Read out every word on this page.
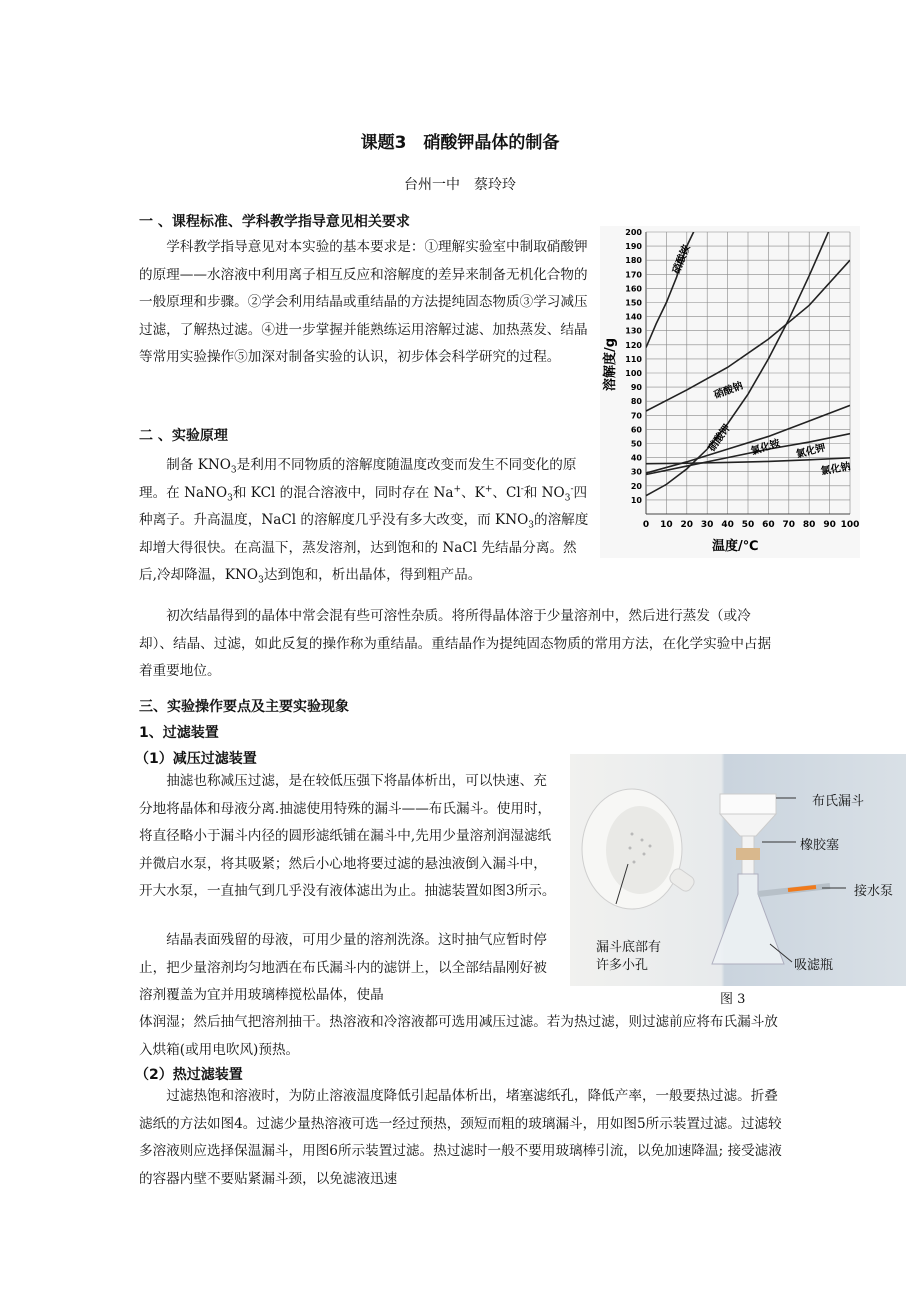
课题3　硝酸钾晶体的制备
台州一中　蔡玲玲
一 、课程标准、学科教学指导意见相关要求
学科教学指导意见对本实验的基本要求是：①理解实验室中制取硝酸钾的原理——水溶液中利用离子相互反应和溶解度的差异来制备无机化合物的一般原理和步骤。②学会利用结晶或重结晶的方法提纯固态物质③学习减压过滤，了解热过滤。④进一步掌握并能熟练运用溶解过滤、加热蒸发、结晶等常用实验操作⑤加深对制备实验的认识，初步体会科学研究的过程。
0 10 20 30 40 50 60 70 80 90 100
10
20
30
40
50
60
70
80
90
100
110
120
130
140
150
160
170
180
190
200
硝酸铵
硝酸钠
硝酸钾 氯化铵 氯化钾
氯化钠
温度/℃
溶解度/g
二 、实验原理
制备 $KNO_3$是利用不同物质的溶解度随温度改变而发生不同变化的原理。在 NaNO$_3$和 KCl 的混合溶液中，同时存在 Na+、K+、Cl-和 $NO_3^-$四种离子。升高温度，NaCl 的溶解度几乎没有多大改变，而 $KNO_3$的溶解度却增大得很快。在高温下，蒸发溶剂，达到饱和的 NaCl 先结晶分离。然后,冷却降温，$KNO_3$达到饱和，析出晶体，得到粗产品。
初次结晶得到的晶体中常会混有些可溶性杂质。将所得晶体溶于少量溶剂中，然后进行蒸发（或冷却）、结晶、过滤，如此反复的操作称为重结晶。重结晶作为提纯固态物质的常用方法，在化学实验中占据着重要地位。
三、实验操作要点及主要实验现象
1、过滤装置
（1）减压过滤装置
抽滤也称减压过滤，是在较低压强下将晶体析出，可以快速、充分地将晶体和母液分离.抽滤使用特殊的漏斗——布氏漏斗。使用时，将直径略小于漏斗内径的圆形滤纸铺在漏斗中,先用少量溶剂润湿滤纸并微启水泵，将其吸紧；然后小心地将要过滤的悬浊液倒入漏斗中，开大水泵，一直抽气到几乎没有液体滤出为止。抽滤装置如图3所示。
结晶表面残留的母液，可用少量的溶剂洗涤。这时抽气应暂时停止，把少量溶剂均匀地洒在布氏漏斗内的滤饼上，以全部结晶刚好被溶剂覆盖为宜并用玻璃棒搅松晶体，使晶
体润湿；然后抽气把溶剂抽干。热溶液和冷溶液都可选用减压过滤。若为热过滤，则过滤前应将布氏漏斗放入烘箱(或用电吹风)预热。
（2）热过滤装置
过滤热饱和溶液时，为防止溶液温度降低引起晶体析出，堵塞滤纸孔，降低产率，一般要热过滤。折叠滤纸的方法如图4。过滤少量热溶液可选一经过预热，颈短而粗的玻璃漏斗，用如图5所示装置过滤。过滤较多溶液则应选择保温漏斗，用图6所示装置过滤。热过滤时一般不要用玻璃棒引流，以免加速降温; 接受滤液的容器内壁不要贴紧漏斗颈，以免滤液迅速
布氏漏斗
橡胶塞
接水泵
吸滤瓶
漏斗底部有
许多小孔
图 3
